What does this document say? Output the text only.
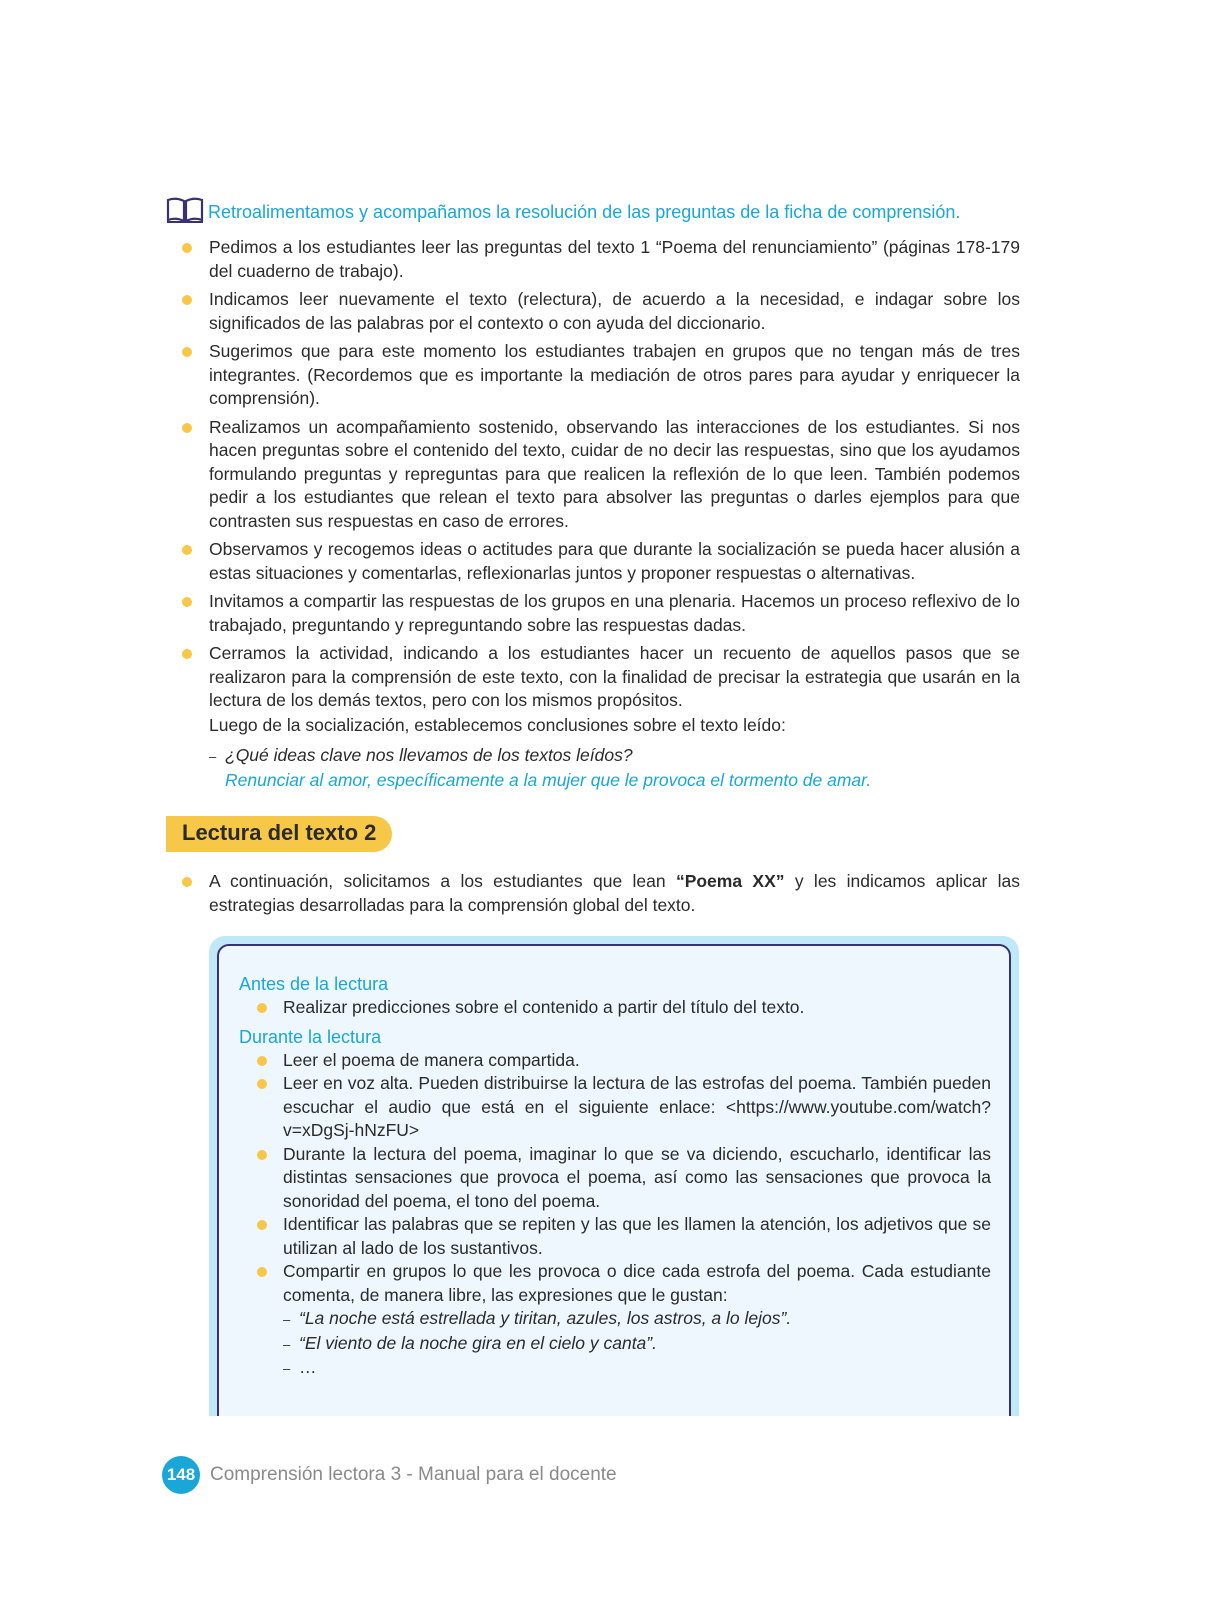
Retroalimentamos y acompañamos la resolución de las preguntas de la ficha de comprensión.
Pedimos a los estudiantes leer las preguntas del texto 1 “Poema del renunciamiento” (páginas 178-179 del cuaderno de trabajo).
Indicamos leer nuevamente el texto (relectura), de acuerdo a la necesidad, e indagar sobre los significados de las palabras por el contexto o con ayuda del diccionario.
Sugerimos que para este momento los estudiantes trabajen en grupos que no tengan más de tres integrantes. (Recordemos que es importante la mediación de otros pares para ayudar y enriquecer la comprensión).
Realizamos un acompañamiento sostenido, observando las interacciones de los estudiantes. Si nos hacen preguntas sobre el contenido del texto, cuidar de no decir las respuestas, sino que los ayudamos formulando preguntas y repreguntas para que realicen la reflexión de lo que leen. También podemos pedir a los estudiantes que relean el texto para absolver las preguntas o darles ejemplos para que contrasten sus respuestas en caso de errores.
Observamos y recogemos ideas o actitudes para que durante la socialización se pueda hacer alusión a estas situaciones y comentarlas, reflexionarlas juntos y proponer respuestas o alternativas.
Invitamos a compartir las respuestas de los grupos en una plenaria. Hacemos un proceso reflexivo de lo trabajado, preguntando y repreguntando sobre las respuestas dadas.
Cerramos la actividad, indicando a los estudiantes hacer un recuento de aquellos pasos que se realizaron para la comprensión de este texto, con la finalidad de precisar la estrategia que usarán en la lectura de los demás textos, pero con los mismos propósitos.
Luego de la socialización, establecemos conclusiones sobre el texto leído:
– ¿Qué ideas clave nos llevamos de los textos leídos?
Renunciar al amor, específicamente a la mujer que le provoca el tormento de amar.
Lectura del texto 2
A continuación, solicitamos a los estudiantes que lean “Poema XX” y les indicamos aplicar las estrategias desarrolladas para la comprensión global del texto.
Antes de la lectura
Realizar predicciones sobre el contenido a partir del título del texto.
Durante la lectura
Leer el poema de manera compartida.
Leer en voz alta. Pueden distribuirse la lectura de las estrofas del poema. También pueden escuchar el audio que está en el siguiente enlace: <https://www.youtube.com/watch?v=xDgSj-hNzFU>
Durante la lectura del poema, imaginar lo que se va diciendo, escucharlo, identificar las distintas sensaciones que provoca el poema, así como las sensaciones que provoca la sonoridad del poema, el tono del poema.
Identificar las palabras que se repiten y las que les llamen la atención, los adjetivos que se utilizan al lado de los sustantivos.
Compartir en grupos lo que les provoca o dice cada estrofa del poema. Cada estudiante comenta, de manera libre, las expresiones que le gustan:
– “La noche está estrellada y tiritan, azules, los astros, a lo lejos”.
– “El viento de la noche gira en el cielo y canta”.
– …
148 Comprensión lectora 3 - Manual para el docente
